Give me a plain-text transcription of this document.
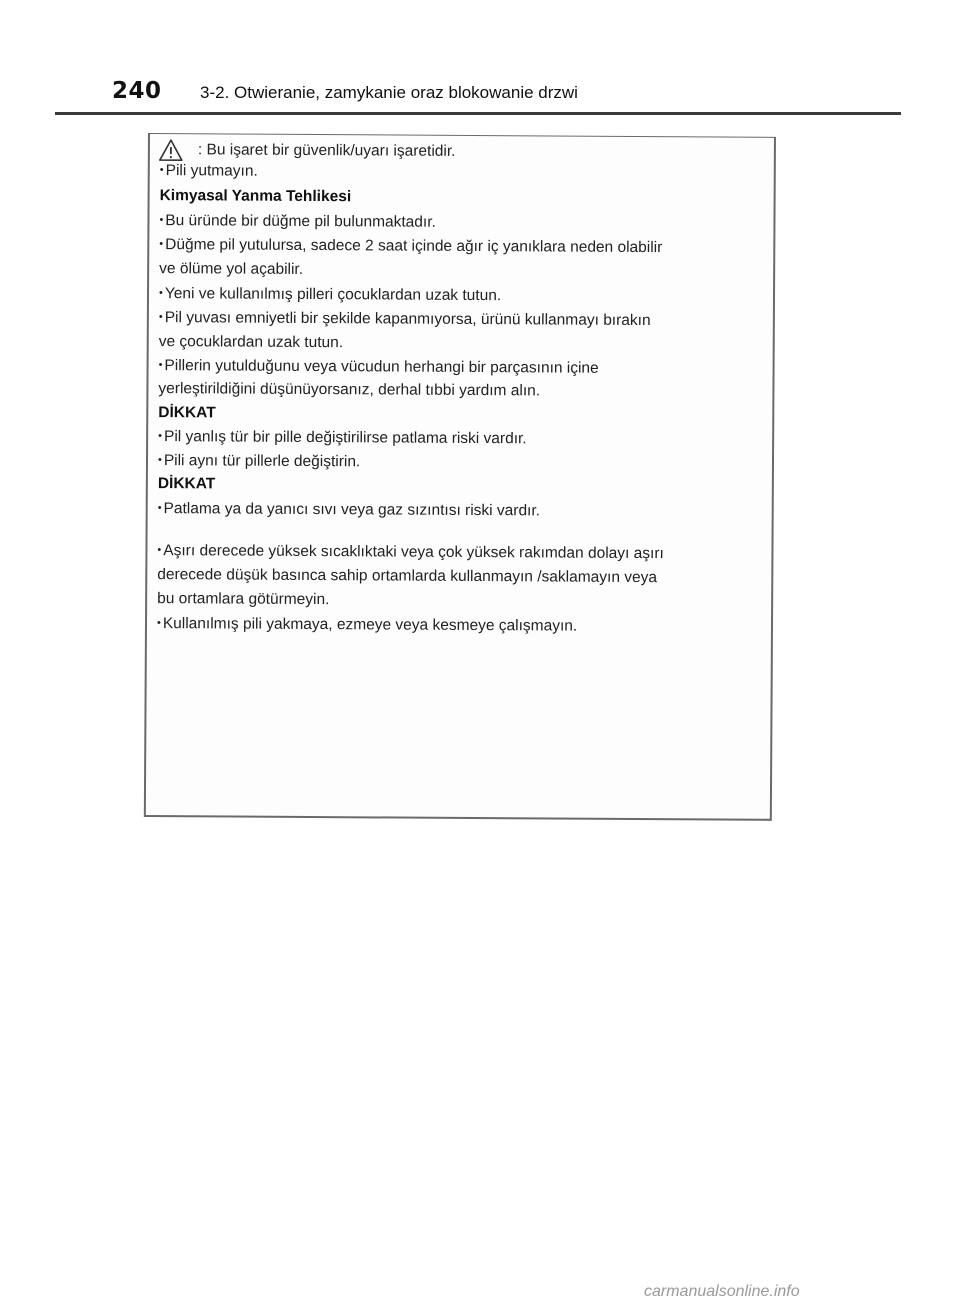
240 3-2. Otwieranie, zamykanie oraz blokowanie drzwi
: Bu işaret bir güvenlik/uyarı işaretidir.
• Pili yutmayın.
Kimyasal Yanma Tehlikesi
• Bu üründe bir düğme pil bulunmaktadır.
• Düğme pil yutulursa, sadece 2 saat içinde ağır iç yanıklara neden olabilir
ve ölüme yol açabilir.
• Yeni ve kullanılmış pilleri çocuklardan uzak tutun.
• Pil yuvası emniyetli bir şekilde kapanmıyorsa, ürünü kullanmayı bırakın
ve çocuklardan uzak tutun.
• Pillerin yutulduğunu veya vücudun herhangi bir parçasının içine
yerleştirildiğini düşünüyorsanız, derhal tıbbi yardım alın.
DİKKAT
• Pil yanlış tür bir pille değiştirilirse patlama riski vardır.
• Pili aynı tür pillerle değiştirin.
DİKKAT
• Patlama ya da yanıcı sıvı veya gaz sızıntısı riski vardır.
• Aşırı derecede yüksek sıcaklıktaki veya çok yüksek rakımdan dolayı aşırı
derecede düşük basınca sahip ortamlarda kullanmayın /saklamayın veya
bu ortamlara götürmeyin.
• Kullanılmış pili yakmaya, ezmeye veya kesmeye çalışmayın.
carmanualsonline.info
